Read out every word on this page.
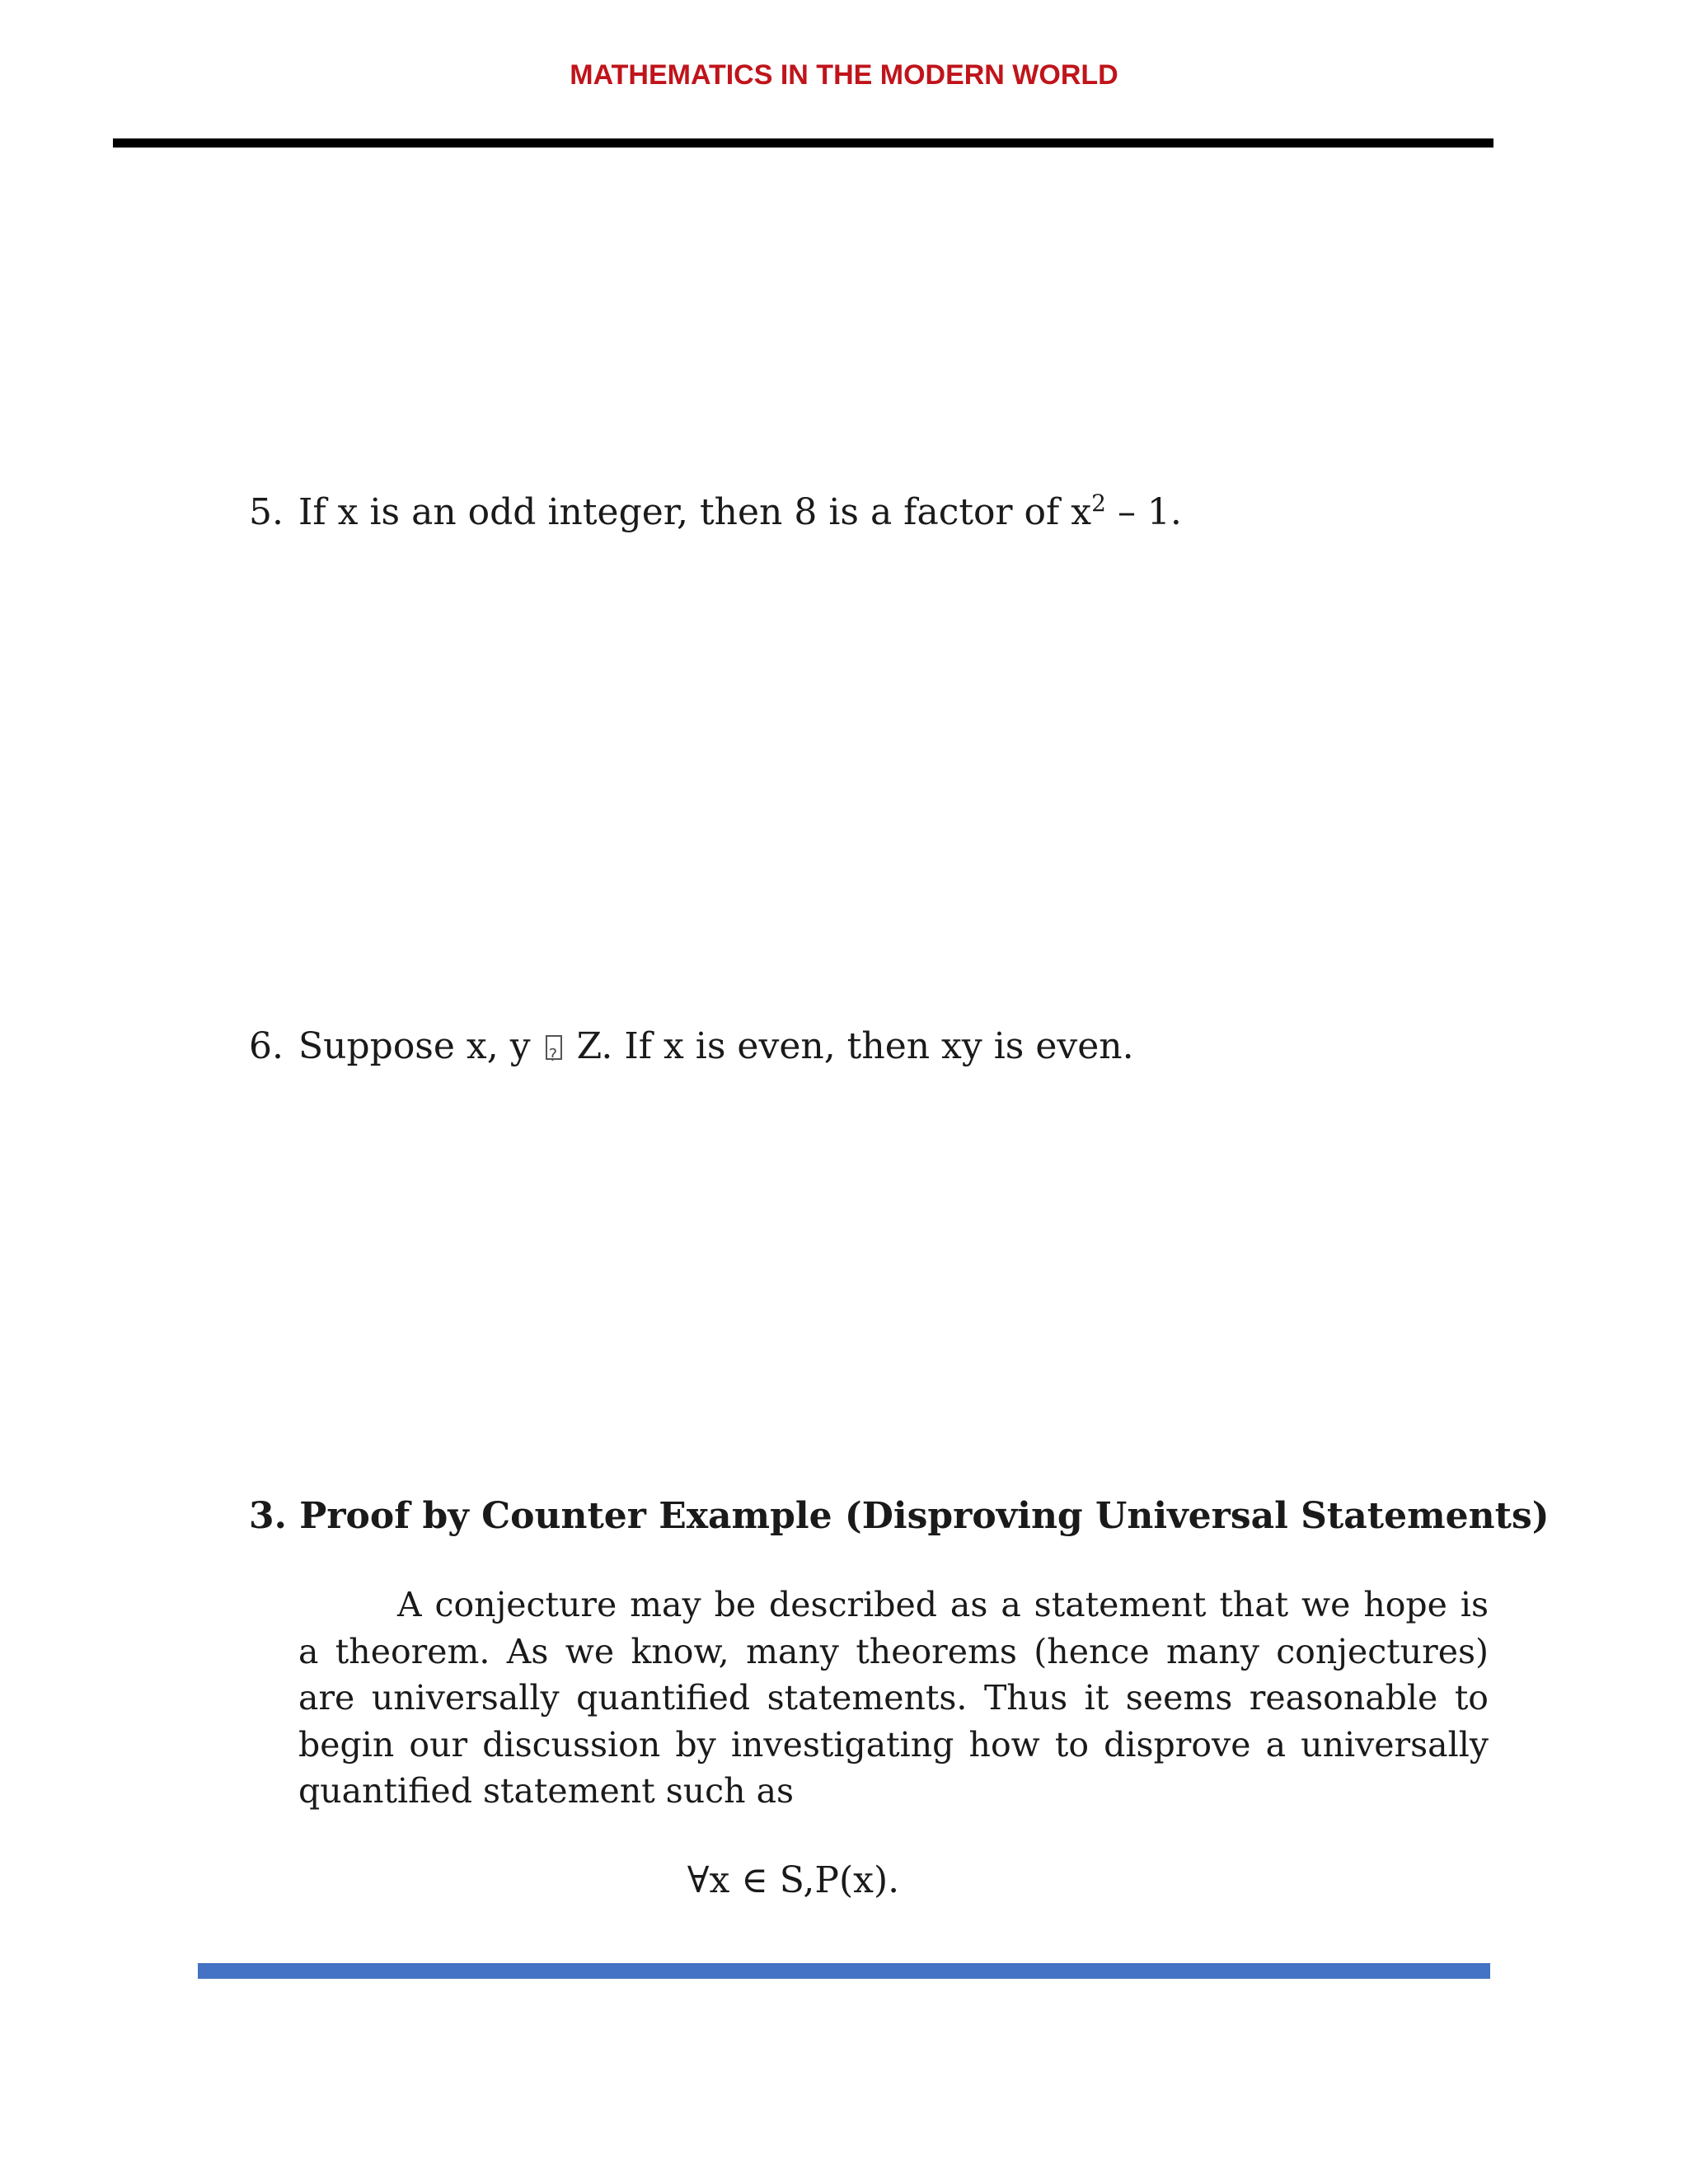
MATHEMATICS IN THE MODERN WORLD
5. If x is an odd integer, then 8 is a factor of $x^2 - 1$.
6. Suppose x, y ? Z. If x is even, then xy is even.
3. Proof by Counter Example (Disproving Universal Statements)
A conjecture may be described as a statement that we hope is a theorem. As we know, many theorems (hence many conjectures) are universally quantified statements. Thus it seems reasonable to begin our discussion by investigating how to disprove a universally quantified statement such as
∀x ∈ S,P(x).
